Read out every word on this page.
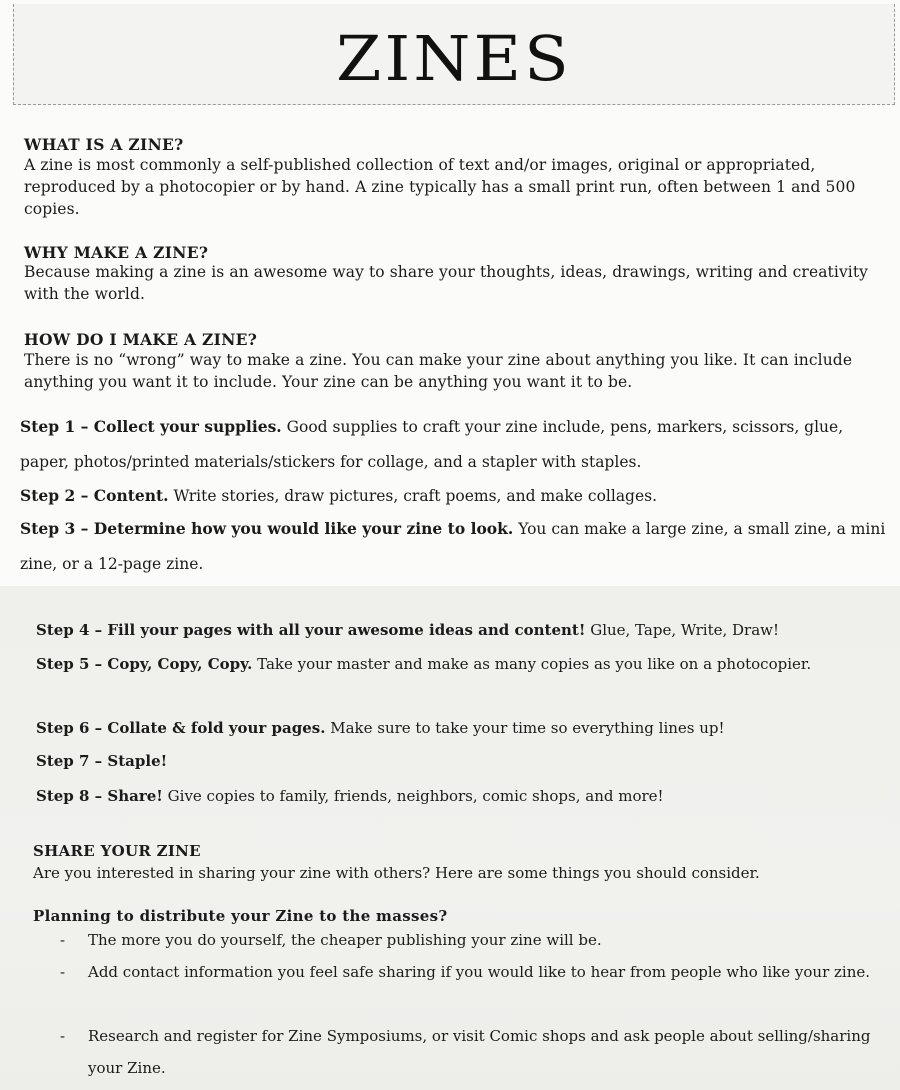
ZINES
WHAT IS A ZINE?

A zine is most commonly a self-published collection of text and/or images, original or appropriated, reproduced by a photocopier or by hand. A zine typically has a small print run, often between 1 and 500 copies.

WHY MAKE A ZINE?

Because making a zine is an awesome way to share your thoughts, ideas, drawings, writing and creativity with the world.

HOW DO I MAKE A ZINE?

There is no “wrong” way to make a zine. You can make your zine about anything you like. It can include anything you want it to include. Your zine can be anything you want it to be.

Step 1 – Collect your supplies. Good supplies to craft your zine include, pens, markers, scissors, glue, paper, photos/printed materials/stickers for collage, and a stapler with staples.

Step 2 – Content. Write stories, draw pictures, craft poems, and make collages.

Step 3 – Determine how you would like your zine to look. You can make a large zine, a small zine, a mini zine, or a 12-page zine.

Step 4 – Fill your pages with all your awesome ideas and content! Glue, Tape, Write, Draw!

Step 5 – Copy, Copy, Copy. Take your master and make as many copies as you like on a photocopier.

Step 6 – Collate & fold your pages. Make sure to take your time so everything lines up!

Step 7 – Staple!

Step 8 – Share! Give copies to family, friends, neighbors, comic shops, and more!

SHARE YOUR ZINE

Are you interested in sharing your zine with others? Here are some things you should consider.

Planning to distribute your Zine to the masses?

- The more you do yourself, the cheaper publishing your zine will be.

- Add contact information you feel safe sharing if you would like to hear from people who like your zine.

- Research and register for Zine Symposiums, or visit Comic shops and ask people about selling/sharing your Zine.
